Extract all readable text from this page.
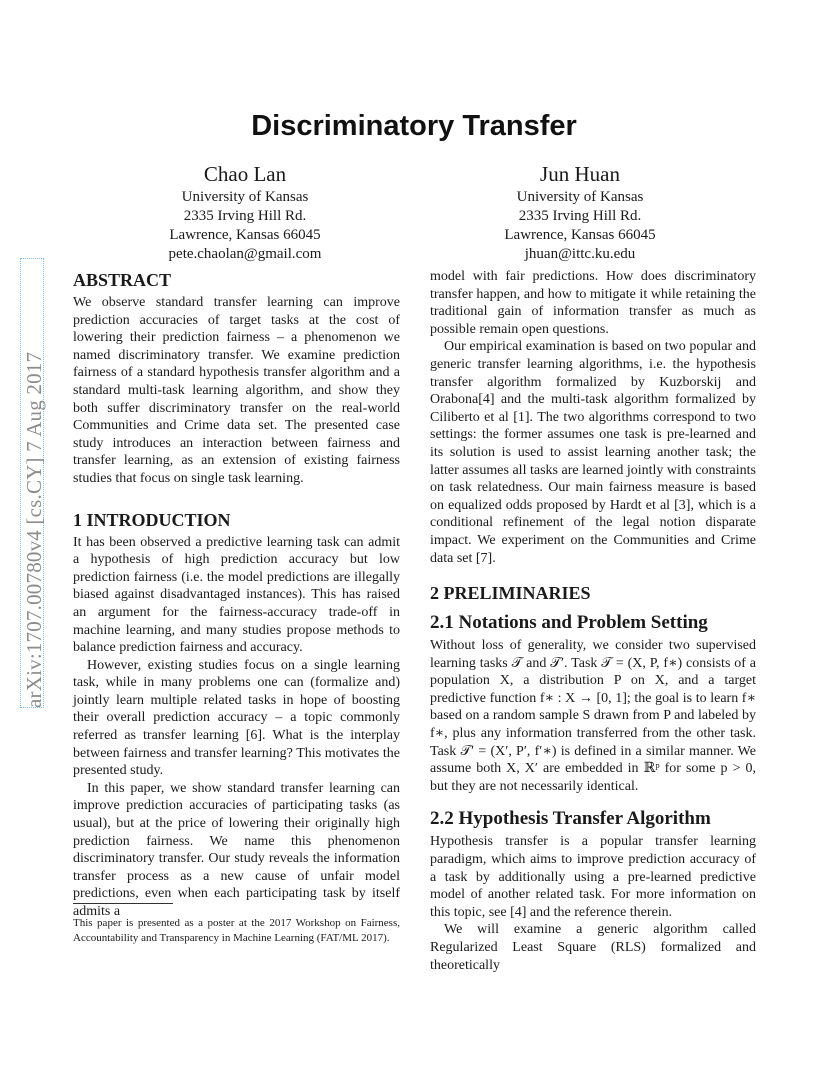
arXiv:1707.00780v4 [cs.CY] 7 Aug 2017
Discriminatory Transfer
Chao Lan
University of Kansas
2335 Irving Hill Rd.
Lawrence, Kansas 66045
pete.chaolan@gmail.com
Jun Huan
University of Kansas
2335 Irving Hill Rd.
Lawrence, Kansas 66045
jhuan@ittc.ku.edu
ABSTRACT

We observe standard transfer learning can improve prediction accuracies of target tasks at the cost of lowering their prediction fairness – a phenomenon we named discriminatory transfer. We examine prediction fairness of a standard hypothesis transfer algorithm and a standard multi-task learning algorithm, and show they both suffer discriminatory transfer on the real-world Communities and Crime data set. The presented case study introduces an interaction between fairness and transfer learning, as an extension of existing fairness studies that focus on single task learning.

1 INTRODUCTION

It has been observed a predictive learning task can admit a hypothesis of high prediction accuracy but low prediction fairness (i.e. the model predictions are illegally biased against disadvantaged instances). This has raised an argument for the fairness-accuracy trade-off in machine learning, and many studies propose methods to balance prediction fairness and accuracy.

However, existing studies focus on a single learning task, while in many problems one can (formalize and) jointly learn multiple related tasks in hope of boosting their overall prediction accuracy – a topic commonly referred as transfer learning [6]. What is the interplay between fairness and transfer learning? This motivates the presented study.

In this paper, we show standard transfer learning can improve prediction accuracies of participating tasks (as usual), but at the price of lowering their originally high prediction fairness. We name this phenomenon discriminatory transfer. Our study reveals the information transfer process as a new cause of unfair model predictions, even when each participating task by itself admits a

This paper is presented as a poster at the 2017 Workshop on Fairness, Accountability and Transparency in Machine Learning (FAT/ML 2017).

model with fair predictions. How does discriminatory transfer happen, and how to mitigate it while retaining the traditional gain of information transfer as much as possible remain open questions.

Our empirical examination is based on two popular and generic transfer learning algorithms, i.e. the hypothesis transfer algorithm formalized by Kuzborskij and Orabona[4] and the multi-task algorithm formalized by Ciliberto et al [1]. The two algorithms correspond to two settings: the former assumes one task is pre-learned and its solution is used to assist learning another task; the latter assumes all tasks are learned jointly with constraints on task relatedness. Our main fairness measure is based on equalized odds proposed by Hardt et al [3], which is a conditional refinement of the legal notion disparate impact. We experiment on the Communities and Crime data set [7].

2 PRELIMINARIES
2.1 Notations and Problem Setting

Without loss of generality, we consider two supervised learning tasks 𝒯 and 𝒯′. Task 𝒯 = (X, P, f∗) consists of a population X, a distribution P on X, and a target predictive function f∗ : X → [0, 1]; the goal is to learn f∗ based on a random sample S drawn from P and labeled by f∗, plus any information transferred from the other task. Task 𝒯′ = (X′, P′, f′∗) is defined in a similar manner. We assume both X, X′ are embedded in ℝᵖ for some p > 0, but they are not necessarily identical.

2.2 Hypothesis Transfer Algorithm

Hypothesis transfer is a popular transfer learning paradigm, which aims to improve prediction accuracy of a task by additionally using a pre-learned predictive model of another related task. For more information on this topic, see [4] and the reference therein.

We will examine a generic algorithm called Regularized Least Square (RLS) formalized and theoretically
